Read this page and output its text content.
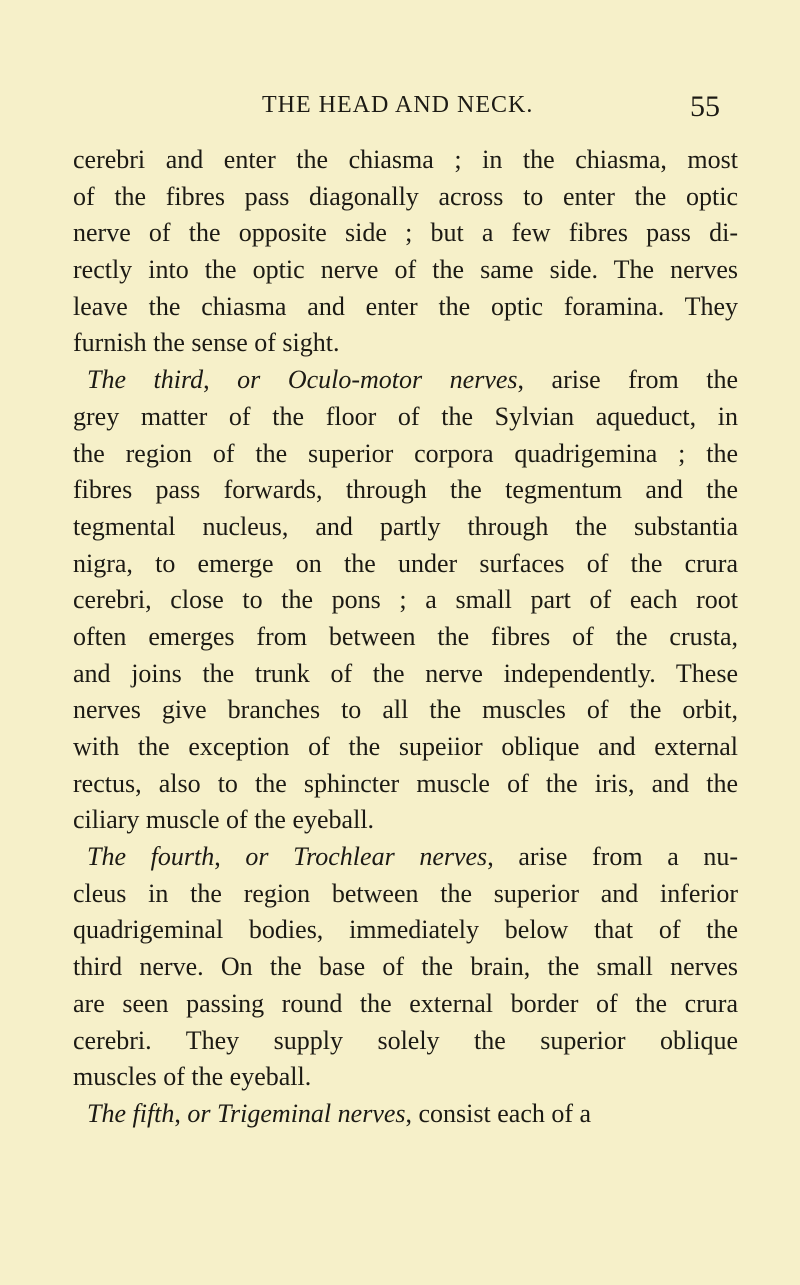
THE HEAD AND NECK.	55
cerebri and enter the chiasma ; in the chiasma, most
of the fibres pass diagonally across to enter the optic
nerve of the opposite side ; but a few fibres pass di-
rectly into the optic nerve of the same side. The nerves
leave the chiasma and enter the optic foramina. They
furnish the sense of sight.
The third, or Oculo-motor nerves, arise from the
grey matter of the floor of the Sylvian aqueduct, in
the region of the superior corpora quadrigemina ; the
fibres pass forwards, through the tegmentum and the
tegmental nucleus, and partly through the substantia
nigra, to emerge on the under surfaces of the crura
cerebri, close to the pons ; a small part of each root
often emerges from between the fibres of the crusta,
and joins the trunk of the nerve independently. These
nerves give branches to all the muscles of the orbit,
with the exception of the supeiior oblique and external
rectus, also to the sphincter muscle of the iris, and the
ciliary muscle of the eyeball.
The fourth, or Trochlear nerves, arise from a nu-
cleus in the region between the superior and inferior
quadrigeminal bodies, immediately below that of the
third nerve. On the base of the brain, the small nerves
are seen passing round the external border of the crura
cerebri. They supply solely the superior oblique
muscles of the eyeball.
The fifth, or Trigeminal nerves, consist each of a
